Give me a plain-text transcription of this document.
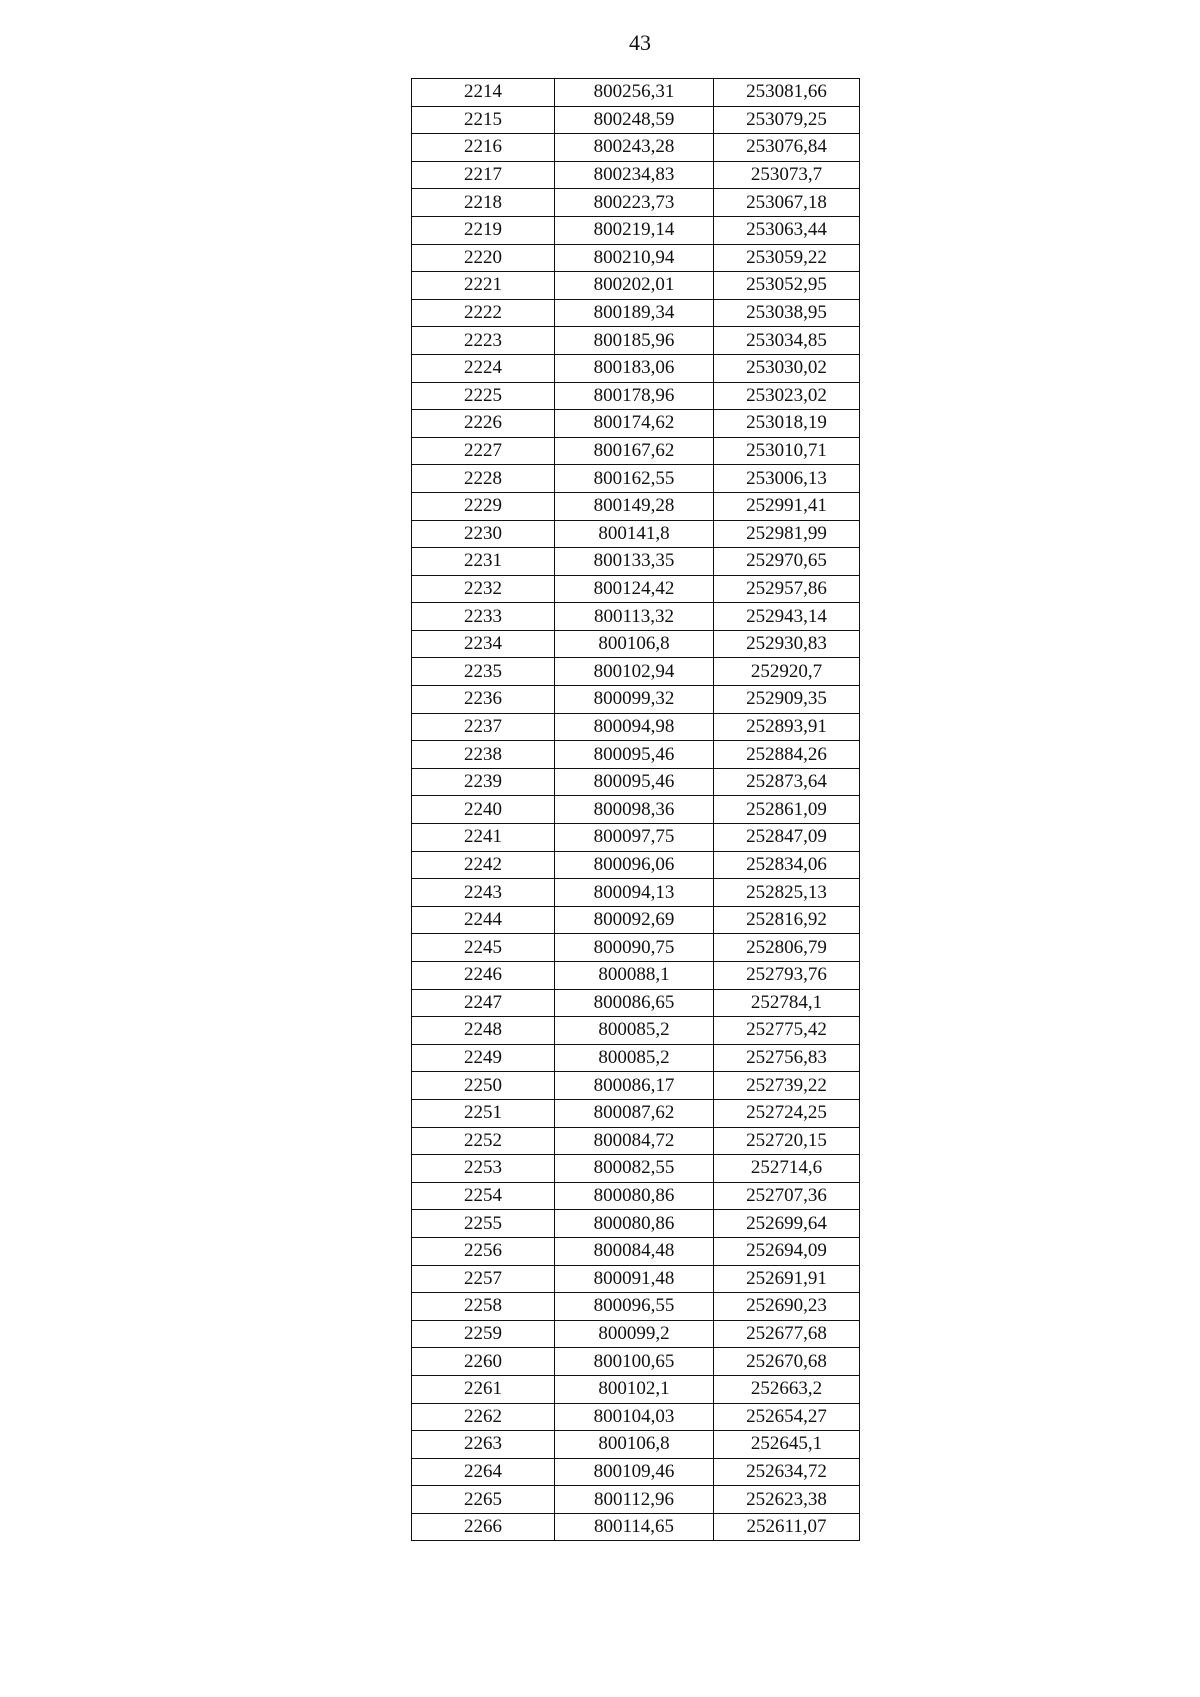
43
2214	800256,31	253081,66
2215	800248,59	253079,25
2216	800243,28	253076,84
2217	800234,83	253073,7
2218	800223,73	253067,18
2219	800219,14	253063,44
2220	800210,94	253059,22
2221	800202,01	253052,95
2222	800189,34	253038,95
2223	800185,96	253034,85
2224	800183,06	253030,02
2225	800178,96	253023,02
2226	800174,62	253018,19
2227	800167,62	253010,71
2228	800162,55	253006,13
2229	800149,28	252991,41
2230	800141,8	252981,99
2231	800133,35	252970,65
2232	800124,42	252957,86
2233	800113,32	252943,14
2234	800106,8	252930,83
2235	800102,94	252920,7
2236	800099,32	252909,35
2237	800094,98	252893,91
2238	800095,46	252884,26
2239	800095,46	252873,64
2240	800098,36	252861,09
2241	800097,75	252847,09
2242	800096,06	252834,06
2243	800094,13	252825,13
2244	800092,69	252816,92
2245	800090,75	252806,79
2246	800088,1	252793,76
2247	800086,65	252784,1
2248	800085,2	252775,42
2249	800085,2	252756,83
2250	800086,17	252739,22
2251	800087,62	252724,25
2252	800084,72	252720,15
2253	800082,55	252714,6
2254	800080,86	252707,36
2255	800080,86	252699,64
2256	800084,48	252694,09
2257	800091,48	252691,91
2258	800096,55	252690,23
2259	800099,2	252677,68
2260	800100,65	252670,68
2261	800102,1	252663,2
2262	800104,03	252654,27
2263	800106,8	252645,1
2264	800109,46	252634,72
2265	800112,96	252623,38
2266	800114,65	252611,07
